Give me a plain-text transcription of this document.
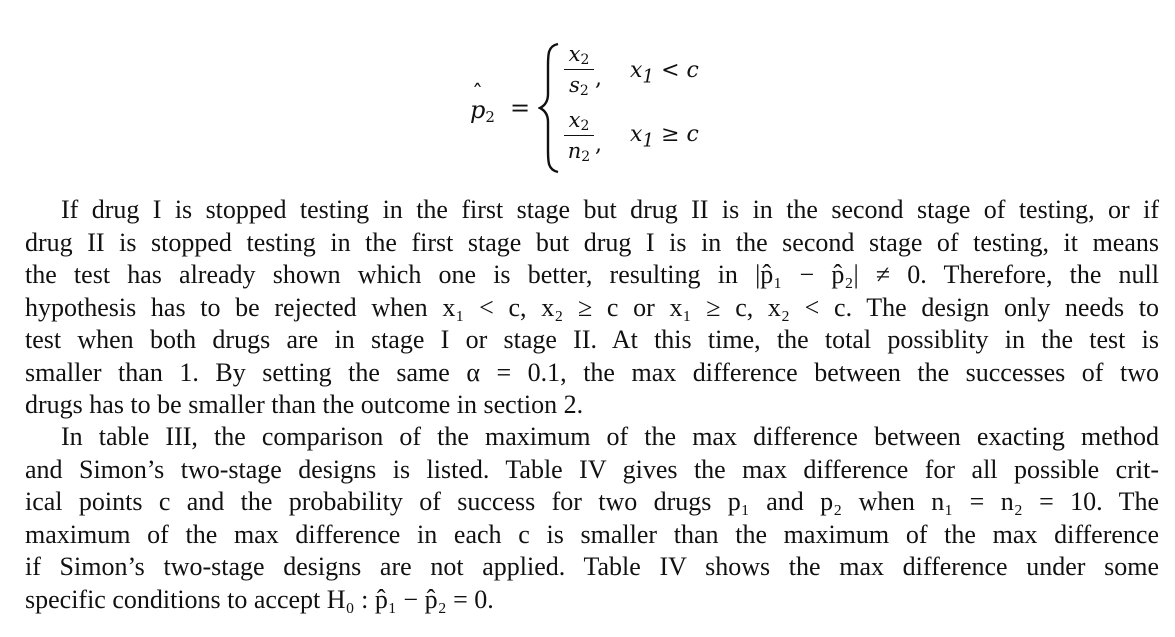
ˆ $p_2$ =
$x_2$
$s_2$
, $x_1 < c$
$x_2$
$n_2$
, $x_1 \ge c$
If drug I is stopped testing in the first stage but drug II is in the second stage of testing, or if
drug II is stopped testing in the first stage but drug I is in the second stage of testing, it means
the test has already shown which one is better, resulting in |p̂₁ − p̂₂| ≠ 0. Therefore, the null
hypothesis has to be rejected when x₁ < c, x₂ ≥ c or x₁ ≥ c, x₂ < c. The design only needs to
test when both drugs are in stage I or stage II. At this time, the total possiblity in the test is
smaller than 1. By setting the same α = 0.1, the max difference between the successes of two
drugs has to be smaller than the outcome in section 2.
In table III, the comparison of the maximum of the max difference between exacting method
and Simon’s two-stage designs is listed. Table IV gives the max difference for all possible crit-
ical points c and the probability of success for two drugs p₁ and p₂ when n₁ = n₂ = 10. The
maximum of the max difference in each c is smaller than the maximum of the max difference
if Simon’s two-stage designs are not applied. Table IV shows the max difference under some
specific conditions to accept H₀ : p̂₁ − p̂₂ = 0.
